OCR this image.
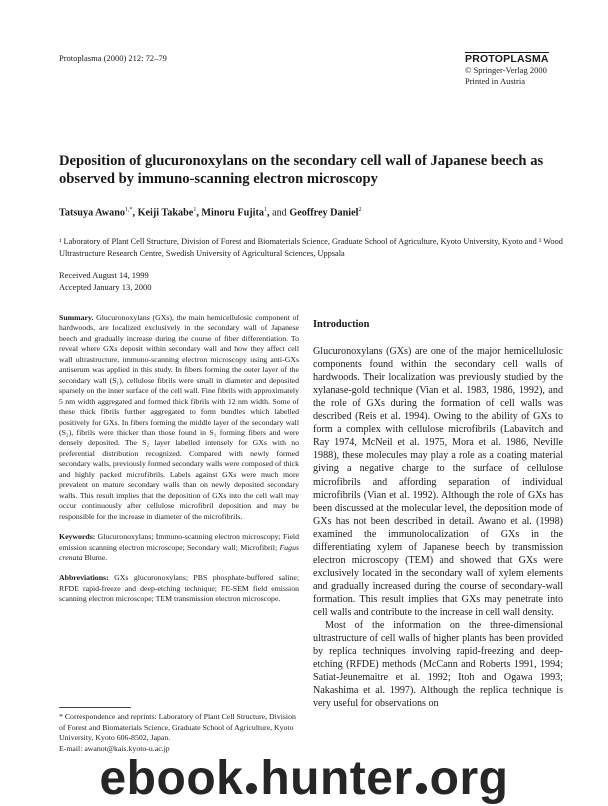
Protoplasma (2000) 212: 72–79	PROTOPLASMA
© Springer-Verlag 2000
Printed in Austria
Deposition of glucuronoxylans on the secondary cell wall of Japanese beech as observed by immuno-scanning electron microscopy
Tatsuya Awano$^{1,*}$, Keiji Takabe$^1$, Minoru Fujita$^1$, and Geoffrey Daniel$^2$
¹ Laboratory of Plant Cell Structure, Division of Forest and Biomaterials Science, Graduate School of Agriculture, Kyoto University, Kyoto and ² Wood Ultrastructure Research Centre, Swedish University of Agricultural Sciences, Uppsala
Received August 14, 1999
Accepted January 13, 2000

Summary. Glucuronoxylans (GXs), the main hemicellulosic component of hardwoods, are localized exclusively in the secondary wall of Japanese beech and gradually increase during the course of fiber differentiation. To reveal where GXs deposit within secondary wall and how they affect cell wall ultrastructure, immuno-scanning electron microscopy using anti-GXs antiserum was applied in this study. In fibers forming the outer layer of the secondary wall (S₁), cellulose fibrils were small in diameter and deposited sparsely on the inner surface of the cell wall. Fine fibrils with approximately 5 nm width aggregated and formed thick fibrils with 12 nm width. Some of these thick fibrils further aggregated to form bundles which labelled positively for GXs. In fibers forming the middle layer of the secondary wall (S₂), fibrils were thicker than those found in S₁ forming fibers and were densely deposited. The S₂ layer labelled intensely for GXs with no preferential distribution recognized. Compared with newly formed secondary walls, previously formed secondary walls were composed of thick and highly packed microfibrils. Labels against GXs were much more prevalent on mature secondary walls than on newly deposited secondary walls. This result implies that the deposition of GXs into the cell wall may occur continuously after cellulose microfibril deposition and may be responsible for the increase in diameter of the microfibrils.

Keywords: Glucuronoxylans; Immuno-scanning electron microscopy; Field emission scanning electron microscope; Secondary wall; Microfibril; Fagus crenata Blume.

Abbreviations: GXs glucuronoxylans; PBS phosphate-buffered saline; RFDE rapid-freeze and deep-etching technique; FE-SEM field emission scanning electron microscope; TEM transmission electron microscope.

* Correspondence and reprints: Laboratory of Plant Cell Structure, Division of Forest and Biomaterials Science, Graduate School of Agriculture, Kyoto University, Kyoto 606-8502, Japan.
E-mail: awanot@kais.kyoto-u.ac.jp
Introduction

Glucuronoxylans (GXs) are one of the major hemicellulosic components found within the secondary cell walls of hardwoods. Their localization was previously studied by the xylanase-gold technique (Vian et al. 1983, 1986, 1992), and the role of GXs during the formation of cell walls was described (Reis et al. 1994). Owing to the ability of GXs to form a complex with cellulose microfibrils (Labavitch and Ray 1974, McNeil et al. 1975, Mora et al. 1986, Neville 1988), these molecules may play a role as a coating material giving a negative charge to the surface of cellulose microfibrils and affording separation of individual microfibrils (Vian et al. 1992). Although the role of GXs has been discussed at the molecular level, the deposition mode of GXs has not been described in detail. Awano et al. (1998) examined the immunolocalization of GXs in the differentiating xylem of Japanese beech by transmission electron microscopy (TEM) and showed that GXs were exclusively located in the secondary wall of xylem elements and gradually increased during the course of secondary-wall formation. This result implies that GXs may penetrate into cell walls and contribute to the increase in cell wall density.

Most of the information on the three-dimensional ultrastructure of cell walls of higher plants has been provided by replica techniques involving rapid-freezing and deep-etching (RFDE) methods (McCann and Roberts 1991, 1994; Satiat-Jeunemaitre et al. 1992; Itoh and Ogawa 1993; Nakashima et al. 1997). Although the replica technique is very useful for observations on

ebook hunter org
